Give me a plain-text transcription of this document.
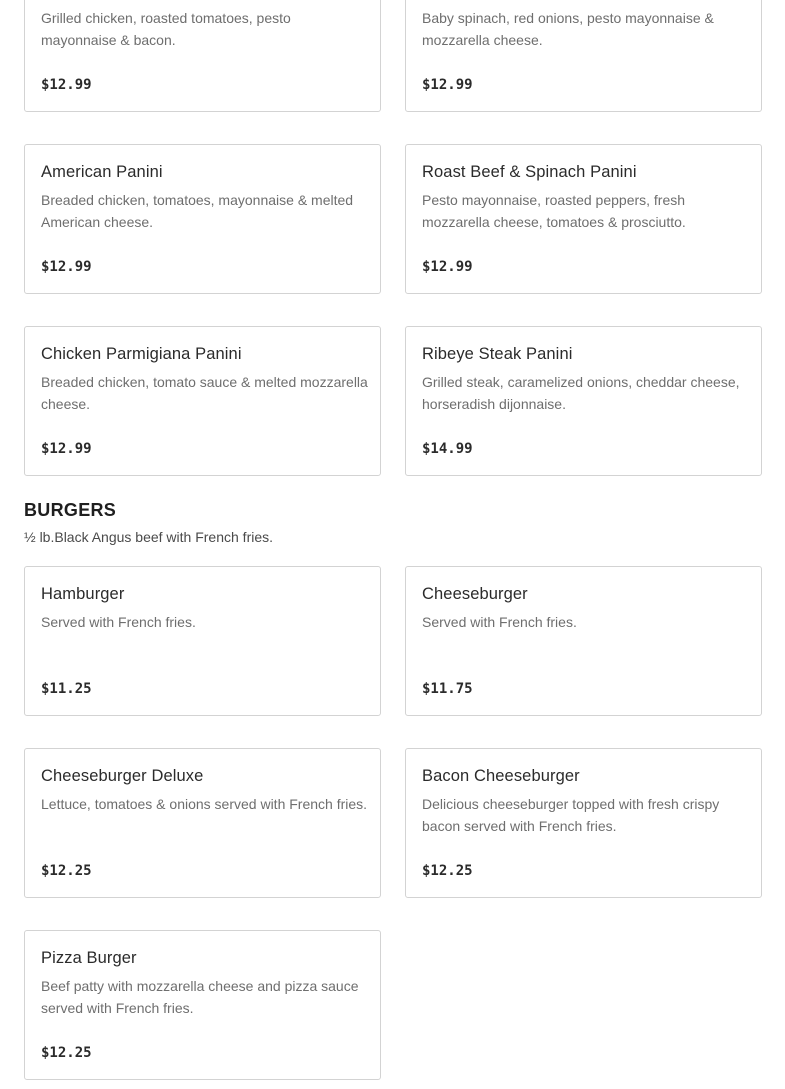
Grilled chicken, roasted tomatoes, pesto mayonnaise & bacon.
$12.99
Baby spinach, red onions, pesto mayonnaise & mozzarella cheese.
$12.99
American Panini
Breaded chicken, tomatoes, mayonnaise & melted American cheese.
$12.99
Roast Beef & Spinach Panini
Pesto mayonnaise, roasted peppers, fresh mozzarella cheese, tomatoes & prosciutto.
$12.99
Chicken Parmigiana Panini
Breaded chicken, tomato sauce & melted mozzarella cheese.
$12.99
Ribeye Steak Panini
Grilled steak, caramelized onions, cheddar cheese, horseradish dijonnaise.
$14.99
BURGERS
½ lb.Black Angus beef with French fries.
Hamburger
Served with French fries.
$11.25
Cheeseburger
Served with French fries.
$11.75
Cheeseburger Deluxe
Lettuce, tomatoes & onions served with French fries.
$12.25
Bacon Cheeseburger
Delicious cheeseburger topped with fresh crispy bacon served with French fries.
$12.25
Pizza Burger
Beef patty with mozzarella cheese and pizza sauce served with French fries.
$12.25
